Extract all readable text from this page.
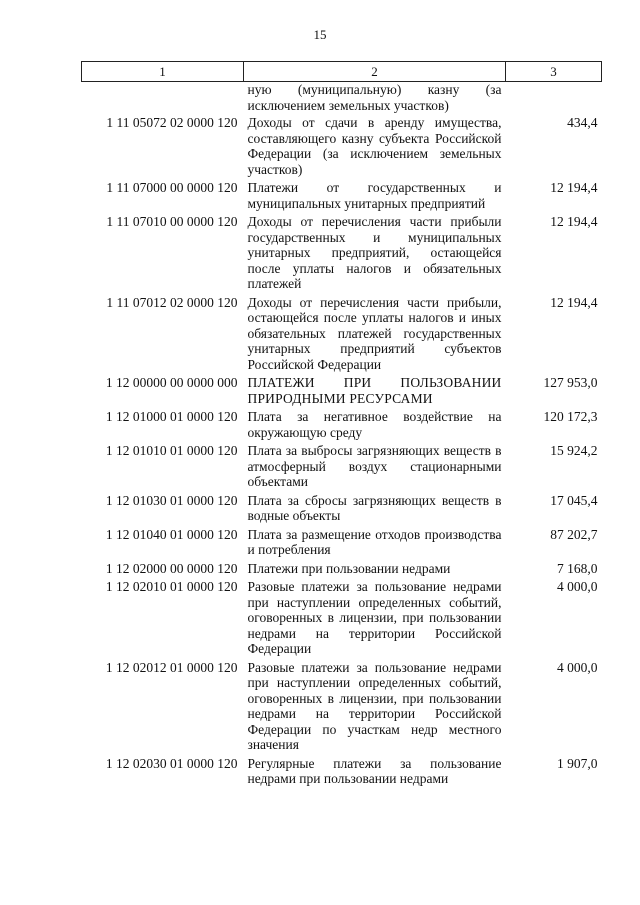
15
1	2	3
	ную (муниципальную) казну (за исключением земельных участков)	
1 11 05072 02 0000 120	Доходы от сдачи в аренду имущества, составляющего казну субъекта Российской Федерации (за исключением земельных участков)	434,4
1 11 07000 00 0000 120	Платежи от государственных и муниципальных унитарных предприятий	12 194,4
1 11 07010 00 0000 120	Доходы от перечисления части прибыли государственных и муниципальных унитарных предприятий, остающейся после уплаты налогов и обязательных платежей	12 194,4
1 11 07012 02 0000 120	Доходы от перечисления части прибыли, остающейся после уплаты налогов и иных обязательных платежей государственных унитарных предприятий субъектов Российской Федерации	12 194,4
1 12 00000 00 0000 000	ПЛАТЕЖИ ПРИ ПОЛЬЗОВАНИИ ПРИРОДНЫМИ РЕСУРСАМИ	127 953,0
1 12 01000 01 0000 120	Плата за негативное воздействие на окружающую среду	120 172,3
1 12 01010 01 0000 120	Плата за выбросы загрязняющих веществ в атмосферный воздух стационарными объектами	15 924,2
1 12 01030 01 0000 120	Плата за сбросы загрязняющих веществ в водные объекты	17 045,4
1 12 01040 01 0000 120	Плата за размещение отходов производства и потребления	87 202,7
1 12 02000 00 0000 120	Платежи при пользовании недрами	7 168,0
1 12 02010 01 0000 120	Разовые платежи за пользование недрами при наступлении определенных событий, оговоренных в лицензии, при пользовании недрами на территории Российской Федерации	4 000,0
1 12 02012 01 0000 120	Разовые платежи за пользование недрами при наступлении определенных событий, оговоренных в лицензии, при пользовании недрами на территории Российской Федерации по участкам недр местного значения	4 000,0
1 12 02030 01 0000 120	Регулярные платежи за пользование недрами при пользовании недрами	1 907,0
